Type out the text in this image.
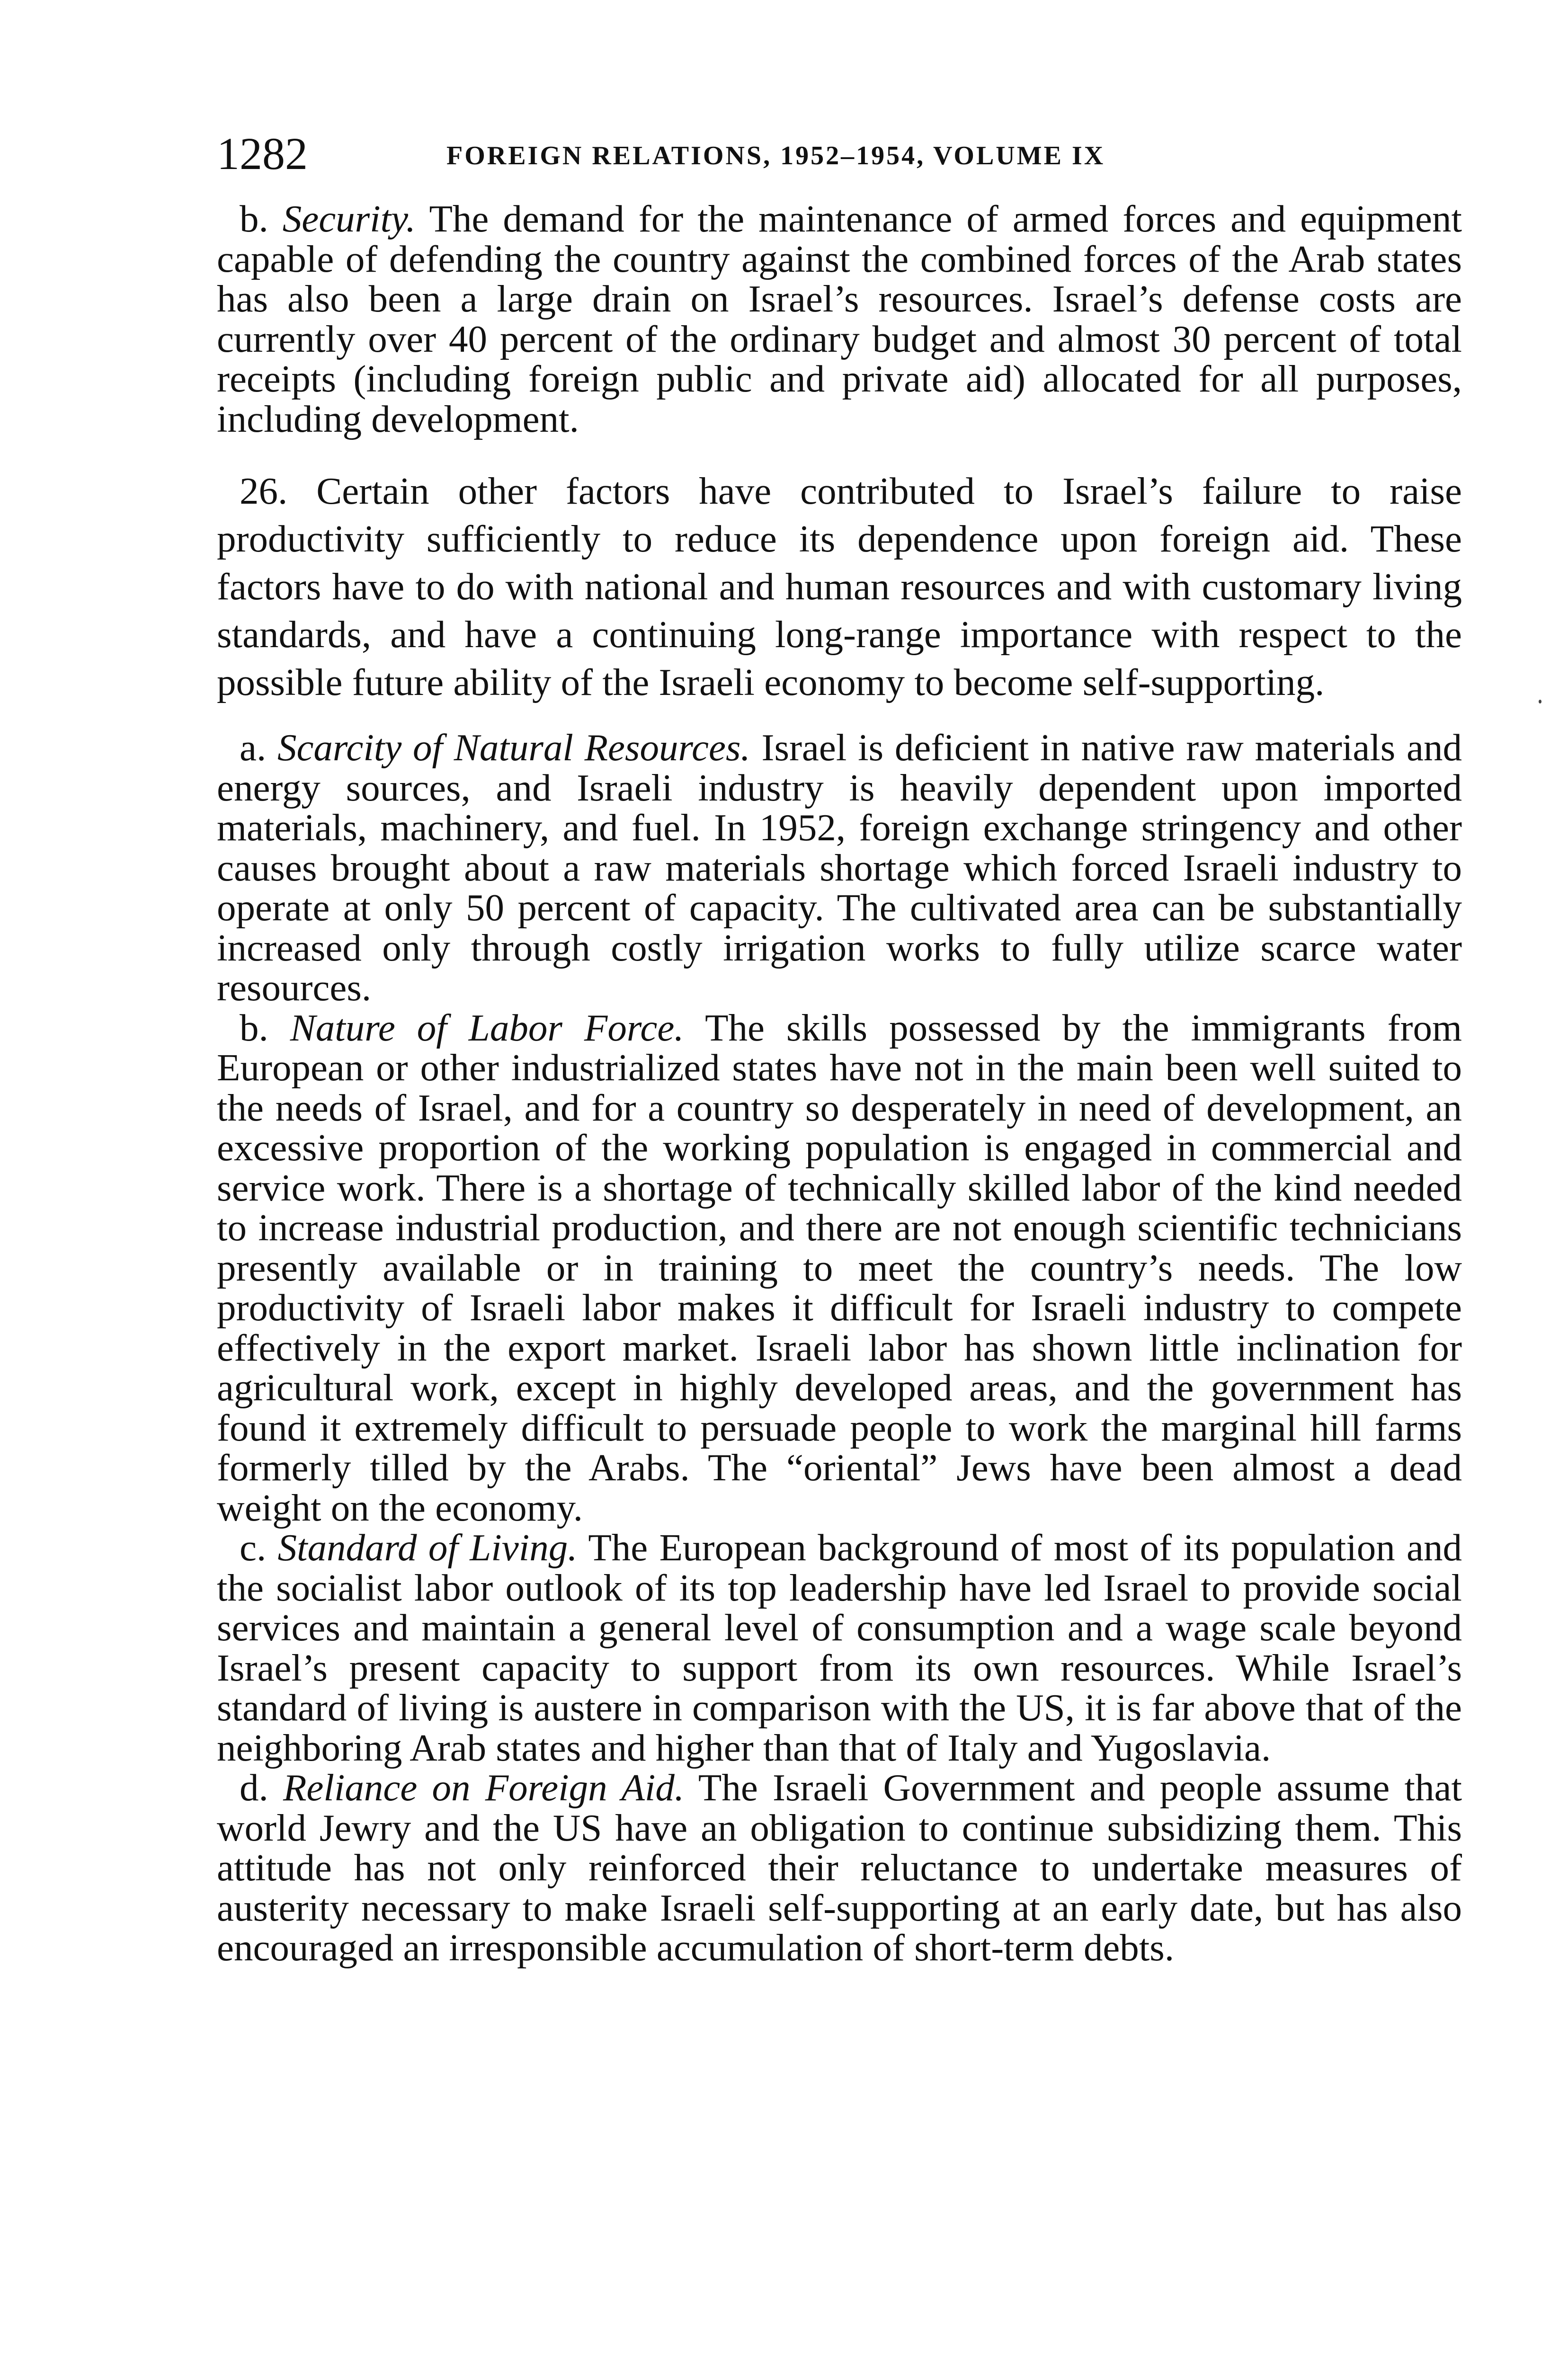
1282	FOREIGN RELATIONS, 1952–1954, VOLUME IX

b. Security. The demand for the maintenance of armed forces and equipment capable of defending the country against the combined forces of the Arab states has also been a large drain on Israel’s resources. Israel’s defense costs are currently over 40 percent of the ordinary budget and almost 30 percent of total receipts (including foreign public and private aid) allocated for all purposes, including development.

26. Certain other factors have contributed to Israel’s failure to raise productivity sufficiently to reduce its dependence upon foreign aid. These factors have to do with national and human resources and with customary living standards, and have a continuing long-range importance with respect to the possible future ability of the Israeli economy to become self-supporting.

a. Scarcity of Natural Resources. Israel is deficient in native raw materials and energy sources, and Israeli industry is heavily dependent upon imported materials, machinery, and fuel. In 1952, foreign exchange stringency and other causes brought about a raw materials shortage which forced Israeli industry to operate at only 50 percent of capacity. The cultivated area can be substantially increased only through costly irrigation works to fully utilize scarce water resources.

b. Nature of Labor Force. The skills possessed by the immigrants from European or other industrialized states have not in the main been well suited to the needs of Israel, and for a country so desperately in need of development, an excessive proportion of the working population is engaged in commercial and service work. There is a shortage of technically skilled labor of the kind needed to increase industrial production, and there are not enough scientific technicians presently available or in training to meet the country’s needs. The low productivity of Israeli labor makes it difficult for Israeli industry to compete effectively in the export market. Israeli labor has shown little inclination for agricultural work, except in highly developed areas, and the government has found it extremely difficult to persuade people to work the marginal hill farms formerly tilled by the Arabs. The “oriental” Jews have been almost a dead weight on the economy.

c. Standard of Living. The European background of most of its population and the socialist labor outlook of its top leadership have led Israel to provide social services and maintain a general level of consumption and a wage scale beyond Israel’s present capacity to support from its own resources. While Israel’s standard of living is austere in comparison with the US, it is far above that of the neighboring Arab states and higher than that of Italy and Yugoslavia.

d. Reliance on Foreign Aid. The Israeli Government and people assume that world Jewry and the US have an obligation to continue subsidizing them. This attitude has not only reinforced their reluctance to undertake measures of austerity necessary to make Israeli self-supporting at an early date, but has also encouraged an irresponsible accumulation of short-term debts.
